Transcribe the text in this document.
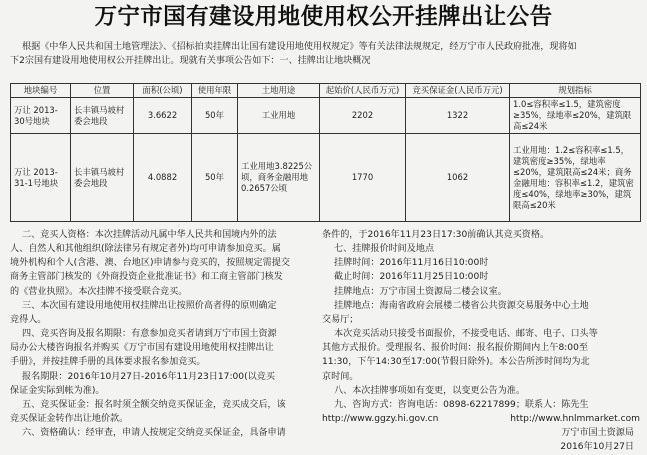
万宁市国有建设用地使用权公开挂牌出让公告

根据《中华人民共和国土地管理法》、《招标拍卖挂牌出让国有建设用地使用权规定》等有关法律法规规定，经万宁市人民政府批准，现将如

下2宗国有建设用地使用权公开挂牌出让。现就有关事项公告如下：一、挂牌出让地块概况

地块编号	位置	面积(公顷)	使用年限	土地用途	起始价(人民币万元)	竞买保证金(人民币万元)	规划指标
万让 2013-30号地块	长丰镇马坡村委会地段	3.6622	50年	工业用地	2202	1322	1.0≤容积率≤1.5，建筑密度≥35%，绿地率≤20%，建筑限高≤24米
万让 2013-31-1号地块	长丰镇马坡村委会地段	4.0882	50年	工业用地3.8225公顷，商务金融用地0.2657公顷	1770	1062	工业用地：1.2≤容积率≤1.5，建筑密度≥35%，绿地率≤20%，建筑限高≤24米；商务金融用地：容积率≤1.2，建筑密度≤40%，绿地率≥30%，建筑限高≤20米

二、竞买人资格：本次挂牌活动凡属中华人民共和国境内外的法

人、自然人和其他组织(除法律另有规定者外)均可申请参加竞买。属

境外机构和个人(含港、澳、台地区)申请参与竞买的，按照规定需提交

商务主管部门核发的《外商投资企业批准证书》和工商主管部门核发

的《营业执照》。本次挂牌不接受联合竞买。

三、本次国有建设用地使用权挂牌出让按照价高者得的原则确定

竞得人。

四、竞买咨询及报名期限：有意参加竞买者请到万宁市国土资源

局办公大楼咨询报名并购买《万宁市国有建设用地使用权挂牌出让

手册》，并按挂牌手册的具体要求报名参加竞买。

报名期限：2016年10月27日-2016年11月23日17:00(以竞买

保证金实际到帐为准)。

五、竞买保证金：报名时须全额交纳竞买保证金，竞买成交后，该

竞买保证金转作出让地价款。

六、资格确认：经审查，申请人按规定交纳竞买保证金，具备申请

条件的，于2016年11月23日17:30前确认其竞买资格。

七、挂牌报价时间及地点

挂牌时间：2016年11月16日10:00时

截止时间：2016年11月25日10:00时

挂牌地点：万宁市国土资源局二楼会议室。

挂牌地点：海南省政府会展楼二楼省公共资源交易服务中心土地

交易厅；

本次竞买活动只接受书面报价，不接受电话、邮寄、电子、口头等

其他方式报价。受理报名、报价时间：报名报价期间内上午8:00至

11:30，下午14:30至17:00(节假日除外)。本公告所涉时间均为北

京时间。

八、本次挂牌事项如有变更，以变更公告为准。

九、咨询方式：咨询电话：0898-62217899；联系人：陈先生

http://www.ggzy.hi.gov.cn	http://www.hnlmmarket.com

万宁市国土资源局

2016年10月27日
